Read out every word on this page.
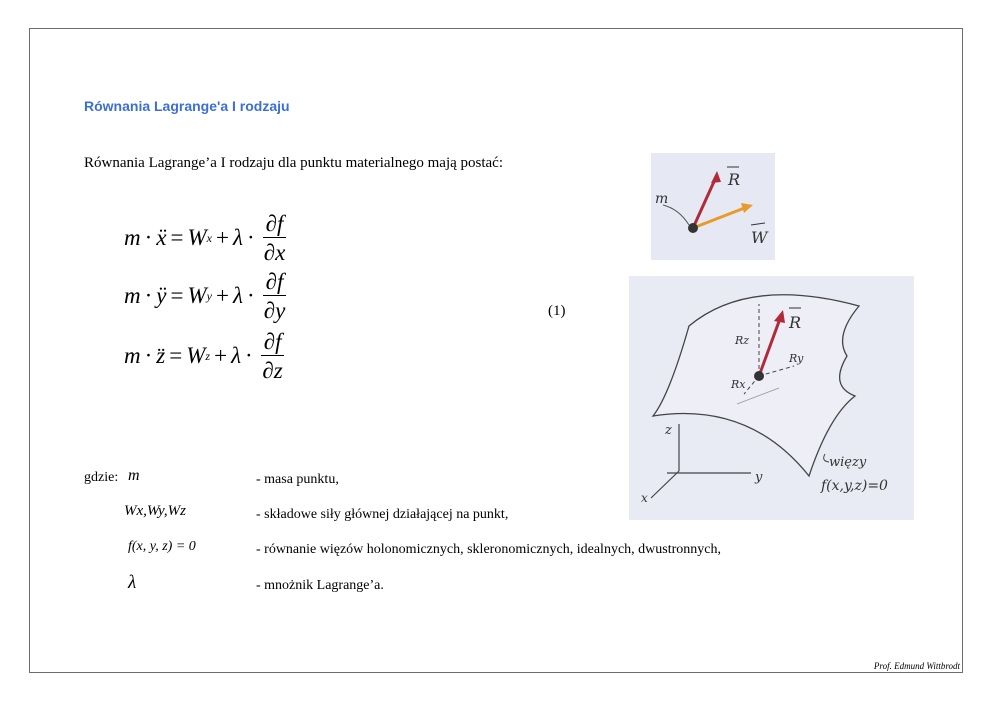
Równania Lagrange'a I rodzaju
Równania Lagrange’a I rodzaju dla punktu materialnego mają postać:
m · ẍ = W $x + \lambda \cdot \frac{\partial f}{\partial x}$
m · ÿ = W $y + \lambda \cdot \frac{\partial f}{\partial y}$
m · z̈ = W $z + \lambda \cdot \frac{\partial f}{\partial z}$
(1)
gdzie: m	- masa punktu,
Wx,Wy,Wz	- składowe siły głównej działającej na punkt,
f(x, y, z) = 0	- równanie więzów holonomicznych, skleronomicznych, idealnych, dwustronnych,
λ	- mnożnik Lagrange’a.
m
R
W
z
y
x
R
Rz
Ry
Rx
więzy
f(x,y,z)=0
Prof. Edmund Wittbrodt
